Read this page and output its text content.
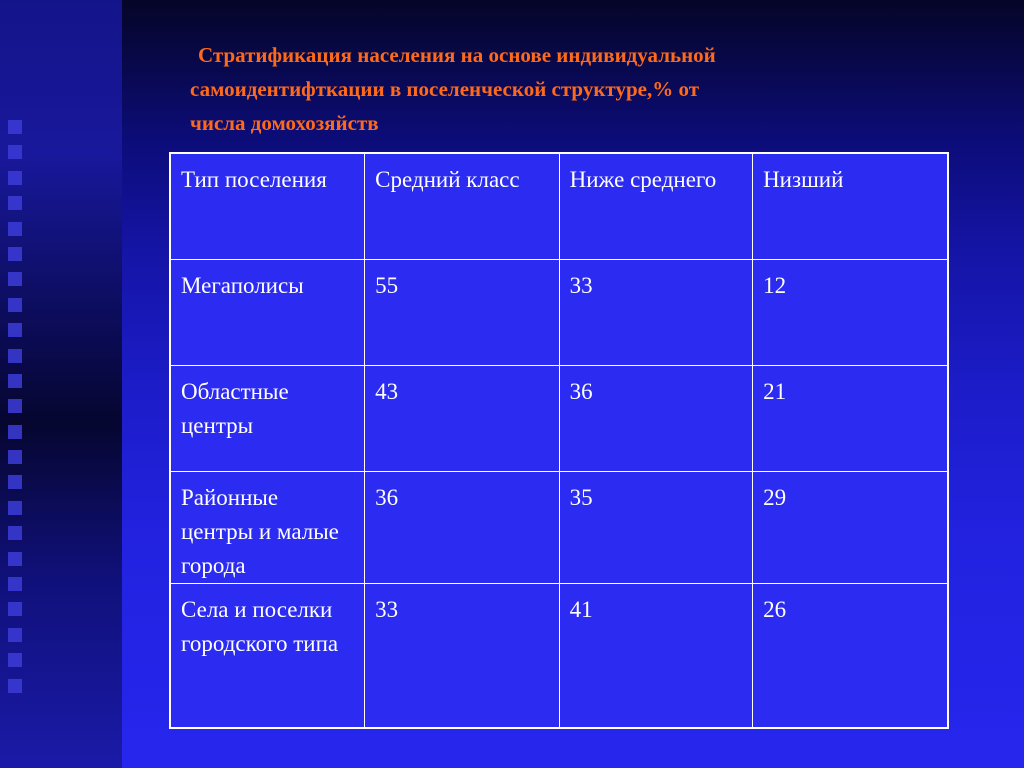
Стратификация населения на основе индивидуальной
самоидентифткации в поселенческой структуре,% от
числа домохозяйств
Тип поселения	Средний класс	Ниже среднего	Низший
Мегаполисы	55	33	12
Областные центры	43	36	21
Районные центры и малые города	36	35	29
Села и поселки городского типа	33	41	26
